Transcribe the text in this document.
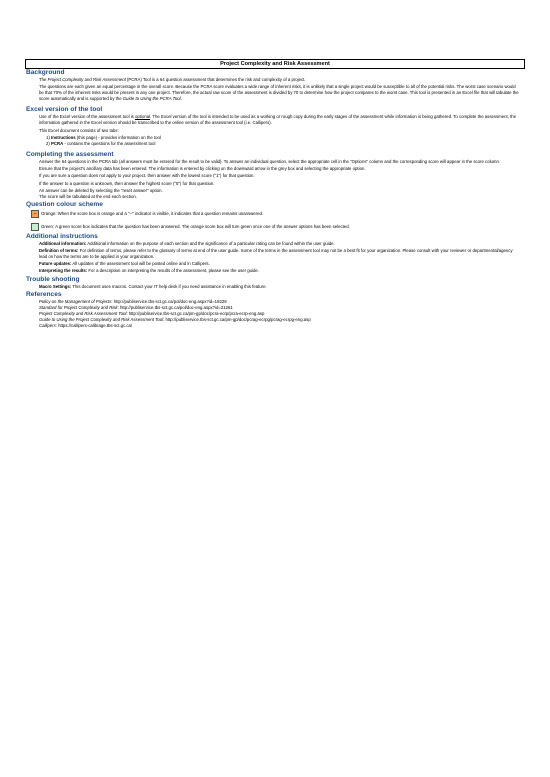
Project Complexity and Risk Assessment
Background

The Project Complexity and Risk Assessment (PCRA) Tool is a 64 question assessment that determines the risk and complexity of a project.

The questions are each given an equal percentage in the overall score. Because the PCRA score evaluates a wide range of inherent risks, it is unlikely that a single project would be susceptible to all of the potential risks. The worst case scenario would be that 70% of the inherent risks would be present in any one project. Therefore, the actual raw score of the assessment is divided by 70 to determine how the project compares to the worst case. This tool is presented in an Excel file that will tabulate the score automatically and is supported by the Guide to Using the PCRA Tool.

Excel version of the tool

Use of the Excel version of the assessment tool is optional. The Excel version of the tool is intended to be used as a working or rough copy during the early stages of the assessment while information is being gathered. To complete the assessment, the information gathered in the Excel version should be transcribed to the online version of the assessment tool (i.e. Callipers).

This Excel document consists of two tabs:

1) Instructions (this page) - provides information on the tool

2) PCRA - contains the questions for the assessment tool

Completing the assessment

Answer the 64 questions in the PCRA tab (all answers must be entered for the result to be valid). To answer an individual question, select the appropriate cell in the "Options" column and the corresponding score will appear in the score column.

Ensure that the project's ancillary data has been entered. The information is entered by clicking on the downward arrow in the grey box and selecting the appropriate option.

If you are sure a question does not apply to your project, then answer with the lowest score ("1") for that question.

If the answer to a question is unknown, then answer the highest score ("5") for that question.

An answer can be deleted by selecting the "reset answer" option.

The score will be tabulated at the end each section.

Question colour scheme
--	Orange: When the score box is orange and a "--" indicator is visible, it indicates that a question remains unanswered.

Green: A green score box indicates that the question has been answered. The orange score box will turn green once one of the answer options has been selected.

Additional instructions

Additional information: Additional information on the purpose of each section and the significance of a particular rating can be found within the user guide.

Definition of terms: For definition of terms, please refer to the glossary of terms at end of the user guide. Some of the terms in the assessment tool may not be a best fit for your organization. Please consult with your reviewer or departmental/agency lead on how the terms are to be applied in your organization.

Future updates: All updates of the assessment tool will be posted online and in Callipers.

Interpreting the results: For a description on interpreting the results of the assessment, please see the user guide.

Trouble shooting

Macro Settings: This document uses macros. Contact your IT help desk if you need assistance in enabling this feature.

References

Policy on the Management of Projects: http://publiservice.tbs-sct.gc.ca/pol/doc-eng.aspx?id=18229

Standard for Project Complexity and Risk: http://publiservice.tbs-sct.gc.ca/pol/doc-eng.aspx?id=21261

Project Complexity and Risk Assessment Tool: http://publiservice.tbs-sct.gc.ca/pm-gp/doc/pcra-ecrp/pcra-ecrp-eng.asp

Guide to Using the Project Complexity and Risk Assessment Tool: http://publiservice.tbs-sct.gc.ca/pm-gp/doc/pcrag-ecrpg/pcrag-ecrpg-eng.asp

Callipers: https://callipers-calibrage.tbs-sct.gc.ca/
